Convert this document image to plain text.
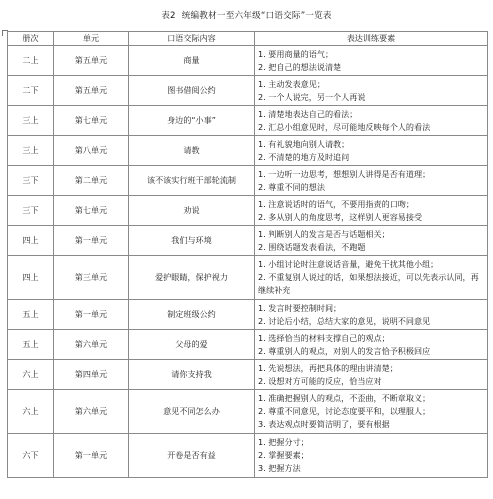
表2 统编教材一至六年级“口语交际”一览表
册次	单元	口语交际内容	表达训练要素
二上	第五单元	商量	1. 要用商量的语气；
2. 把自己的想法说清楚

二下	第五单元	图书借阅公约	1. 主动发表意见；
2. 一个人说完，另一个人再说

三上	第七单元	身边的“小事”	1. 清楚地表达自己的看法；
2. 汇总小组意见时，尽可能地反映每个人的看法

三上	第八单元	请教	1. 有礼貌地向别人请教；
2. 不清楚的地方及时追问

三下	第二单元	该不该实行班干部轮流制	1. 一边听一边思考，想想别人讲得是否有道理；
2. 尊重不同的想法

三下	第七单元	劝说	1. 注意说话时的语气，不要用指责的口吻；
2. 多从别人的角度思考，这样别人更容易接受

四上	第一单元	我们与环境	1. 判断别人的发言是否与话题相关；
2. 围绕话题发表看法，不跑题

四上	第三单元	爱护眼睛，保护视力	1. 小组讨论时注意说话音量，避免干扰其他小组；
2. 不重复别人说过的话，如果想法接近，可以先表示认同，再继续补充

五上	第一单元	制定班级公约	1. 发言时要控制时间；
2. 讨论后小结，总结大家的意见，说明不同意见

五上	第六单元	父母的爱	1. 选择恰当的材料支撑自己的观点；
2. 尊重别人的观点，对别人的发言恰予积极回应

六上	第四单元	请你支持我	1. 先说想法，再把具体的理由讲清楚；
2. 设想对方可能的反应，恰当应对

六上	第六单元	意见不同怎么办	1. 准确把握别人的观点，不歪曲，不断章取义；
2. 尊重不同意见，讨论态度要平和，以理服人；
3. 表达观点时要简洁明了，要有根据

六下	第一单元	开卷是否有益	1. 把握分寸；
2. 掌握要素；
3. 把握方法
